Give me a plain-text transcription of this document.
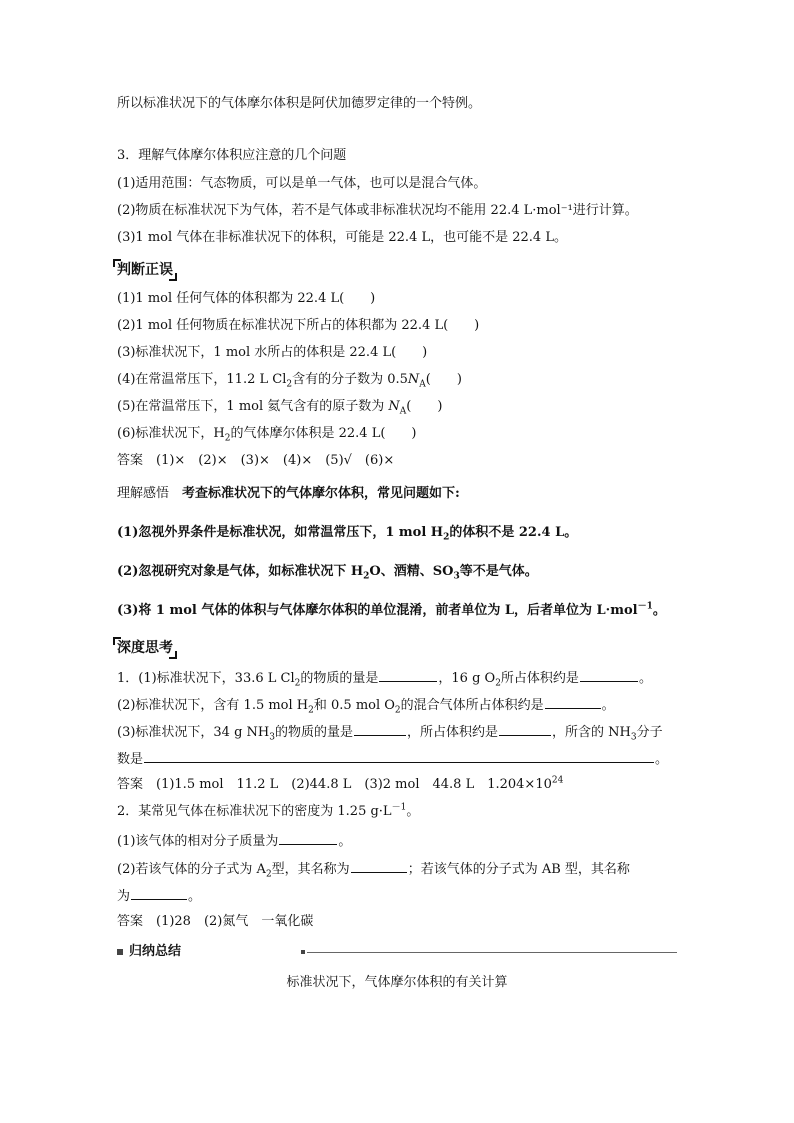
所以标准状况下的气体摩尔体积是阿伏加德罗定律的一个特例。
3．理解气体摩尔体积应注意的几个问题
(1)适用范围：气态物质，可以是单一气体，也可以是混合气体。
(2)物质在标准状况下为气体，若不是气体或非标准状况均不能用 22.4 L·mol⁻¹进行计算。
(3)1 mol 气体在非标准状况下的体积，可能是 22.4 L，也可能不是 22.4 L。
判断正误
(1)1 mol 任何气体的体积都为 22.4 L(　　)
(2)1 mol 任何物质在标准状况下所占的体积都为 22.4 L(　　)
(3)标准状况下，1 mol 水所占的体积是 22.4 L(　　)
(4)在常温常压下，11.2 L $Cl_2$含有的分子数为 $0.5N_A$(　　)
(5)在常温常压下，1 mol 氦气含有的原子数为 $N_A$(　　)
(6)标准状况下，$H_2$的气体摩尔体积是 22.4 L(　　)
答案　(1)×　(2)×　(3)×　(4)×　(5)√　(6)×
理解感悟　 考查标准状况下的气体摩尔体积，常见问题如下:
(1)忽视外界条件是标准状况，如常温常压下，1 mol $H_2$的体积不是 22.4 L。
(2)忽视研究对象是气体，如标准状况下 $H_2O$、酒精、$SO_3$等不是气体。
(3)将 1 mol 气体的体积与气体摩尔体积的单位混淆，前者单位为 L，后者单位为 L·mol$^{-1}$。
深度思考
1．(1)标准状况下，33.6 L $Cl_2$的物质的量是	，16 g $O_2$所占体积约是	。
(2)标准状况下，含有 1.5 mol $H_2$和 0.5 mol $O_2$的混合气体所占体积约是	。
(3)标准状况下，34 g $NH_3$的物质的量是	，所占体积约是	，所含的 $NH_3$分子
数是	。
答案　(1)1.5 mol　11.2 L　(2)44.8 L　(3)2 mol　44.8 L　$1.204\times 10^{24}$
2．某常见气体在标准状况下的密度为 1.25 $g\cdot L^{-1}$。
(1)该气体的相对分子质量为	。
(2)若该气体的分子式为 $A_2$型，其名称为	；若该气体的分子式为 AB 型，其名称
为	。
答案　(1)28　(2)氮气　一氧化碳
归纳总结
标准状况下，气体摩尔体积的有关计算
